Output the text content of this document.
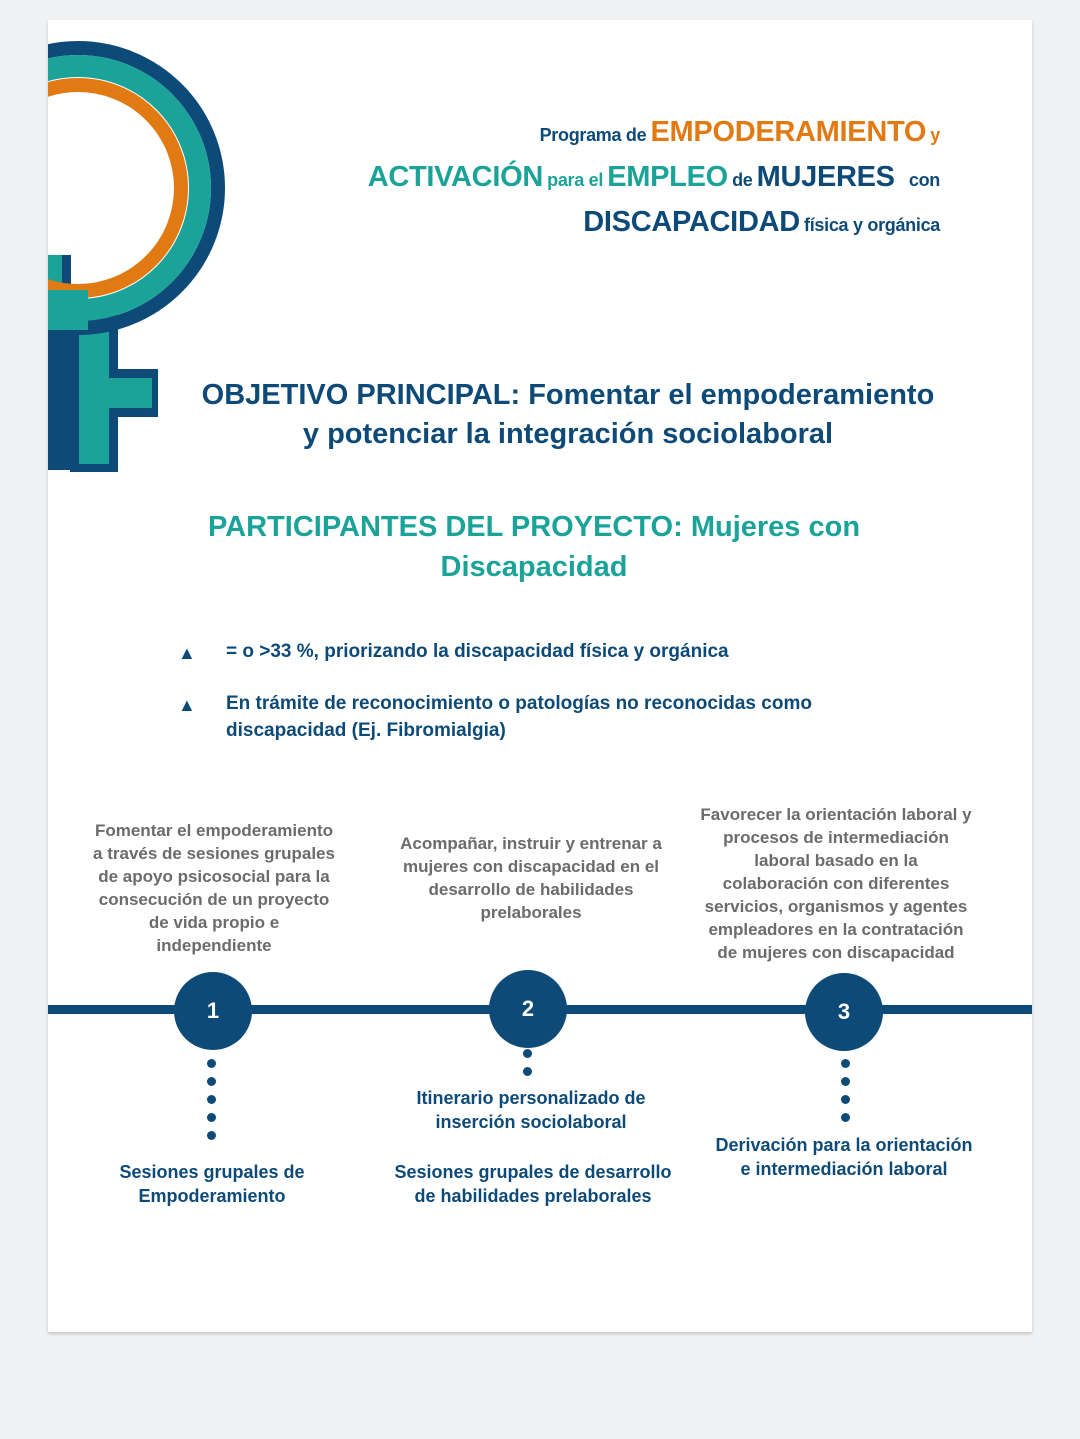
Programa de EMPODERAMIENTO y
ACTIVACIÓN para el EMPLEO de MUJERES con
DISCAPACIDAD física y orgánica
OBJETIVO PRINCIPAL: Fomentar el empoderamiento y potenciar la integración sociolaboral
PARTICIPANTES DEL PROYECTO: Mujeres con Discapacidad
▲ = o >33 %, priorizando la discapacidad física y orgánica
▲ En trámite de reconocimiento o patologías no reconocidas como discapacidad (Ej. Fibromialgia)
Fomentar el empoderamiento a través de sesiones grupales de apoyo psicosocial para la consecución de un proyecto de vida propio e independiente
Acompañar, instruir y entrenar a mujeres con discapacidad en el desarrollo de habilidades prelaborales
Favorecer la orientación laboral y procesos de intermediación laboral basado en la colaboración con diferentes servicios, organismos y agentes empleadores en la contratación de mujeres con discapacidad
1	2	3
Sesiones grupales de Empoderamiento
Itinerario personalizado de inserción sociolaboral
Sesiones grupales de desarrollo de habilidades prelaborales
Derivación para la orientación e intermediación laboral
